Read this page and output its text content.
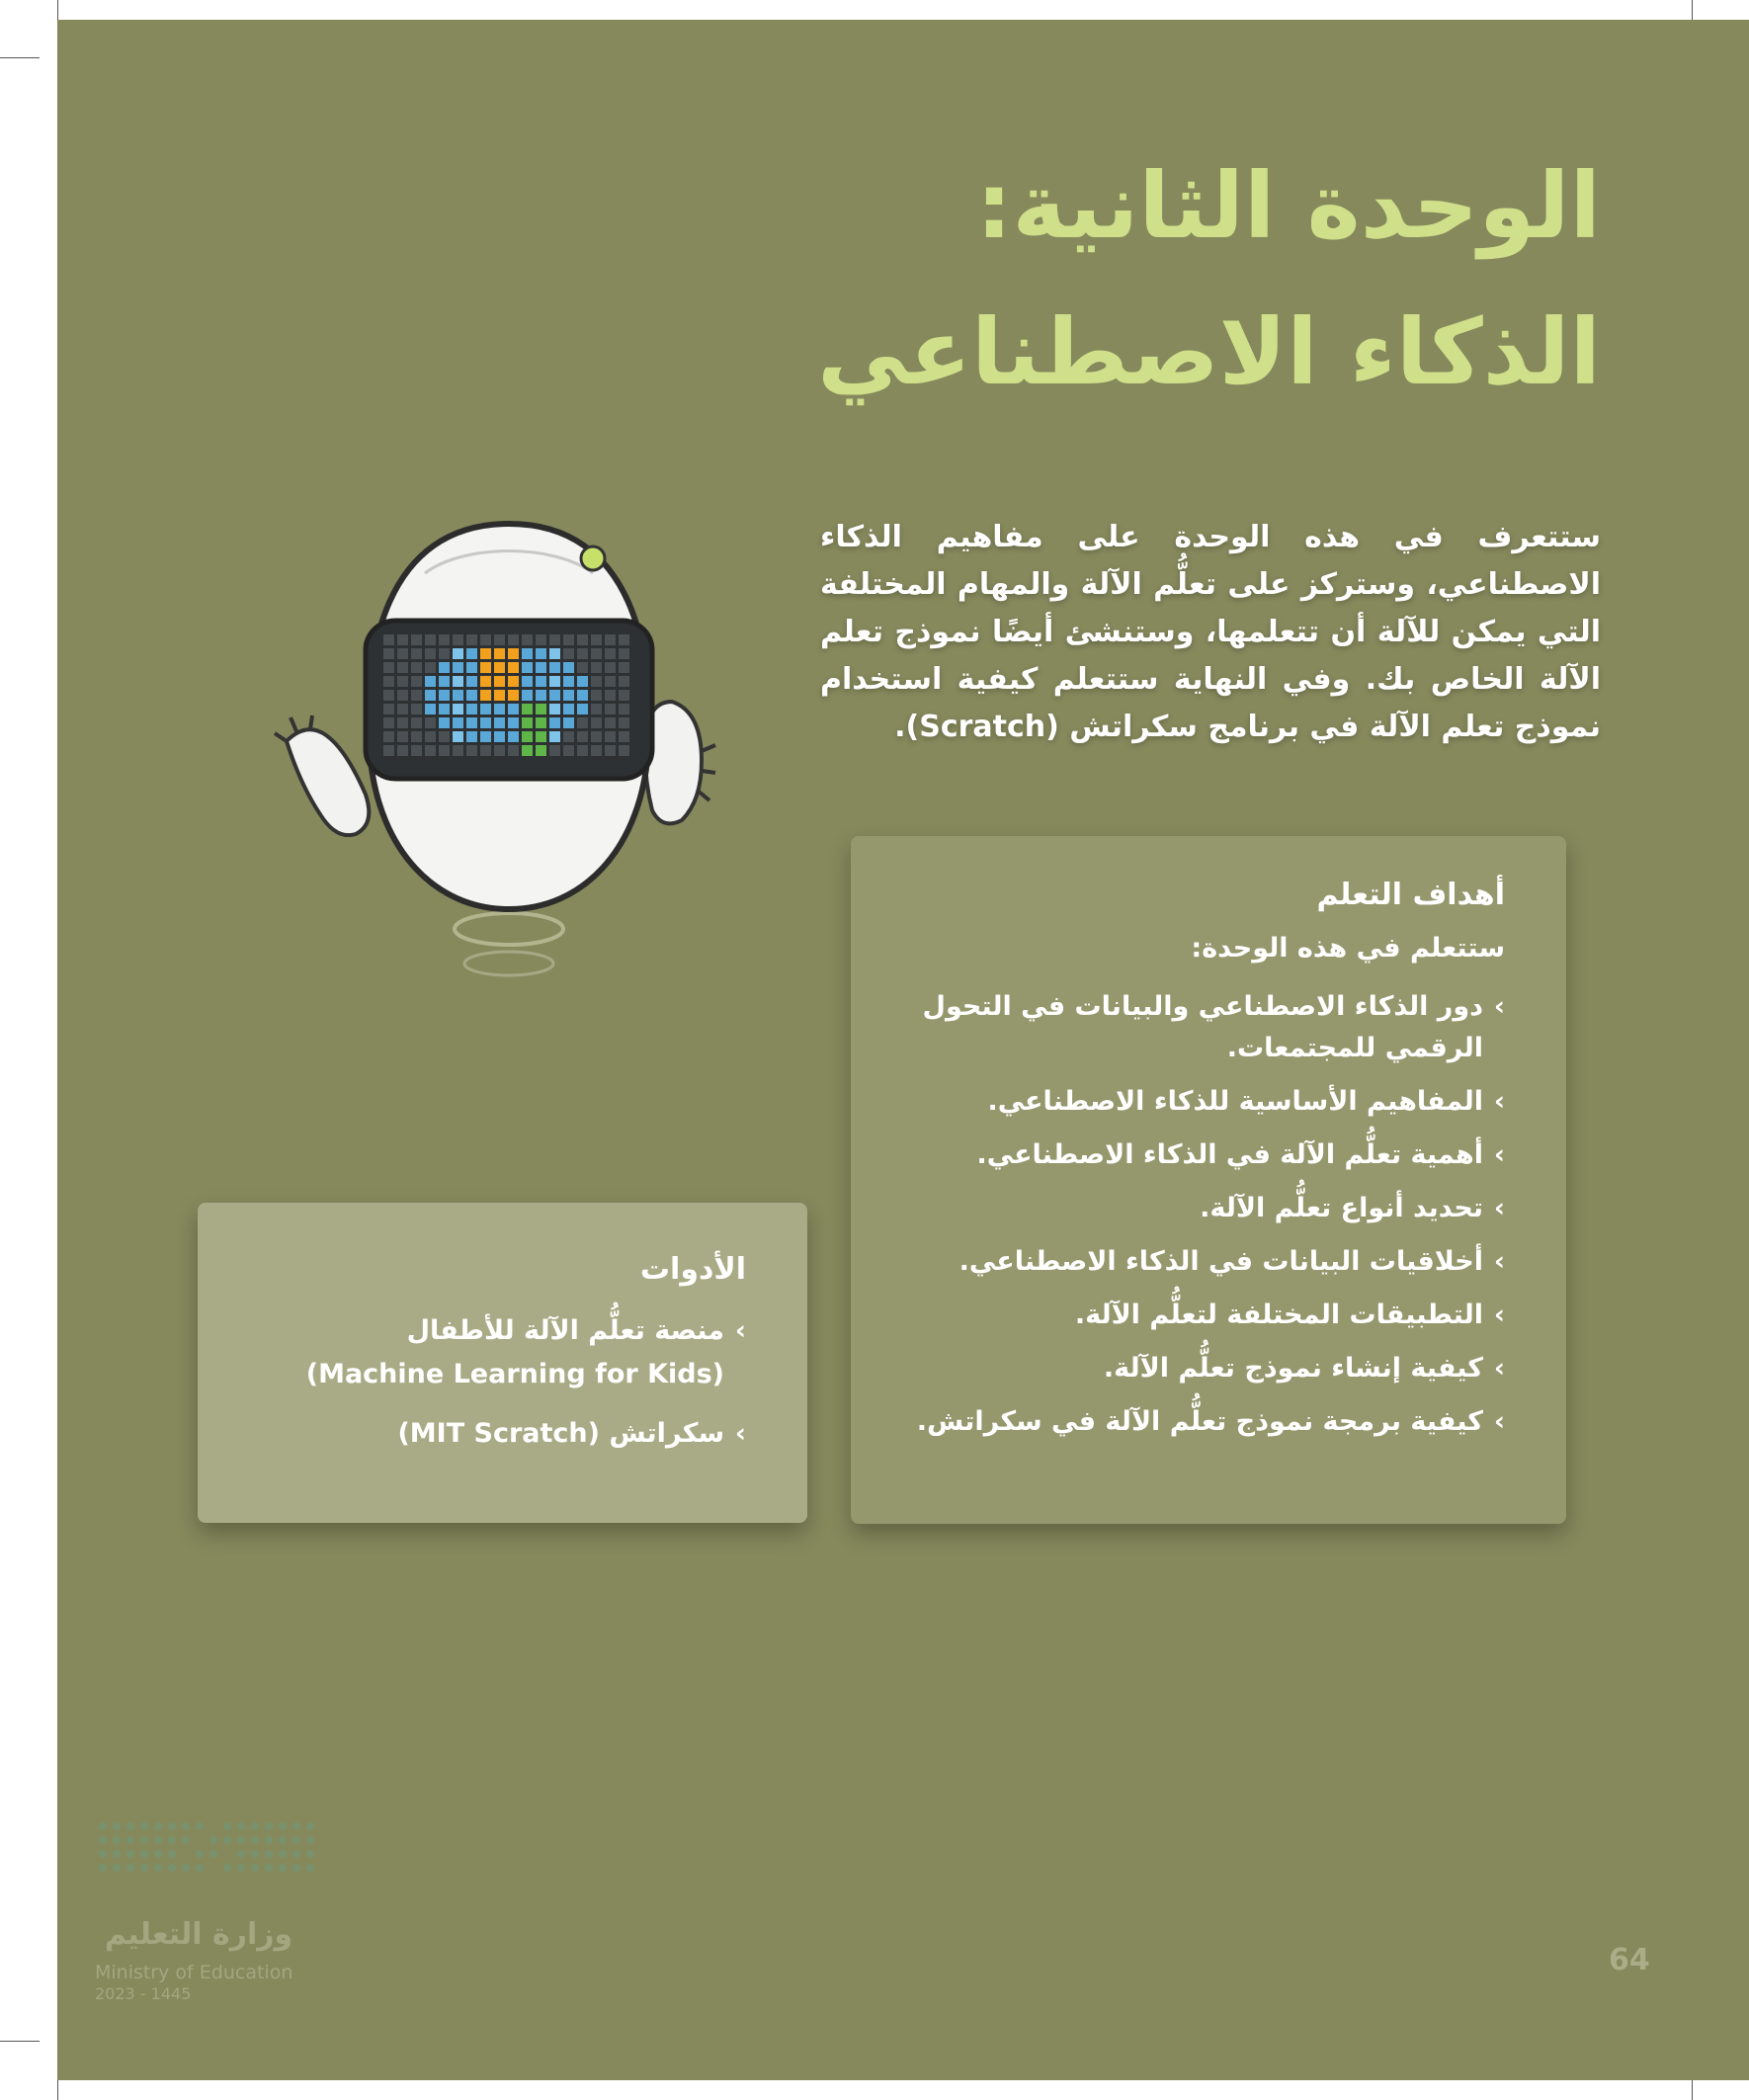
الوحدة الثانية:
الذكاء الاصطناعي

ستتعرف في هذه الوحدة على مفاهيم الذكاء الاصطناعي، وستركز على تعلُّم الآلة والمهام المختلفة التي يمكن للآلة أن تتعلمها، وستنشئ أيضًا نموذج تعلم الآلة الخاص بك. وفي النهاية ستتعلم كيفية استخدام نموذج تعلم الآلة في برنامج سكراتش (Scratch).

أهداف التعلم

ستتعلم في هذه الوحدة:

› دور الذكاء الاصطناعي والبيانات في التحول الرقمي للمجتمعات.
› المفاهيم الأساسية للذكاء الاصطناعي.
› أهمية تعلُّم الآلة في الذكاء الاصطناعي.
› تحديد أنواع تعلُّم الآلة.
› أخلاقيات البيانات في الذكاء الاصطناعي.
› التطبيقات المختلفة لتعلُّم الآلة.
› كيفية إنشاء نموذج تعلُّم الآلة.
› كيفية برمجة نموذج تعلُّم الآلة في سكراتش.
الأدوات
› منصة تعلُّم الآلة للأطفال
(Machine Learning for Kids)
› سكراتش (MIT Scratch)
وزارة التعليم
Ministry of Education
2023 - 1445
64
